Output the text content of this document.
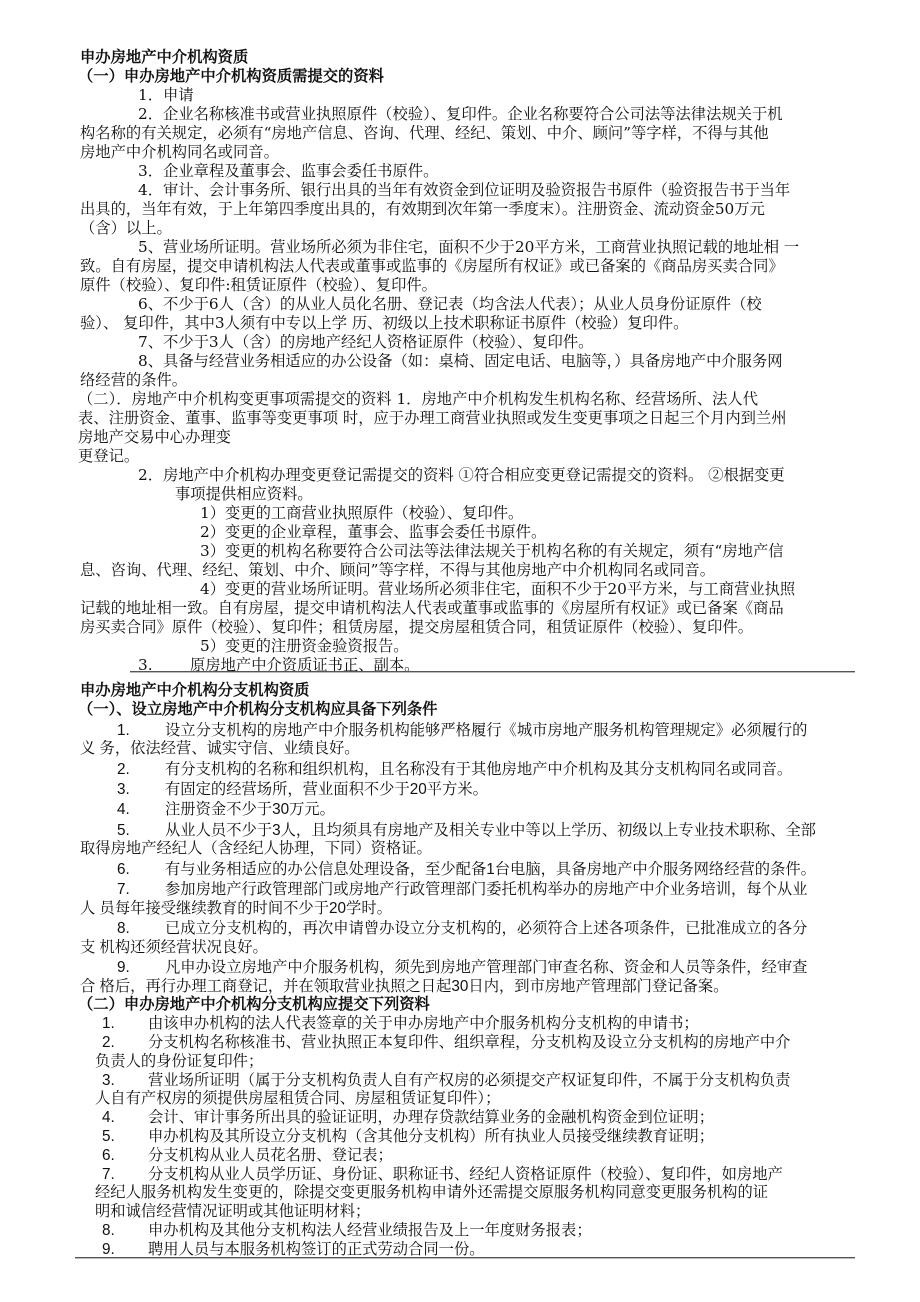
申办房地产中介机构资质
（一）申办房地产中介机构资质需提交的资料
1．申请
2．企业名称核准书或营业执照原件（校验）、复印件。企业名称要符合公司法等法律法规关于机
构名称的有关规定，必须有“房地产信息、咨询、代理、经纪、策划、中介、顾问”等字样，不得与其他
房地产中介机构同名或同音。
3．企业章程及董事会、监事会委任书原件。
4．审计、会计事务所、银行出具的当年有效资金到位证明及验资报告书原件（验资报告书于当年
出具的，当年有效，于上年第四季度出具的，有效期到次年第一季度末）。注册资金、流动资金50万元
（含）以上。
5、营业场所证明。营业场所必须为非住宅，面积不少于20平方米，工商营业执照记载的地址相 一
致。自有房屋，提交申请机构法人代表或董事或监事的《房屋所有权证》或已备案的《商品房买卖合同》
原件（校验）、复印件:租赁证原件（校验）、复印件。
6、不少于6人（含）的从业人员化名册、登记表（均含法人代表）；从业人员身份证原件（校
验）、 复印件，其中3人须有中专以上学 历、初级以上技术职称证书原件（校验）复印件。
7、不少于3人（含）的房地产经纪人资格证原件（校验）、复印件。
8、具备与经营业务相适应的办公设备（如：桌椅、固定电话、电脑等，）具备房地产中介服务网
络经营的条件。
（二）．房地产中介机构变更事项需提交的资料 1．房地产中介机构发生机构名称、经营场所、法人代
表、注册资金、董事、监事等变更事项 时，应于办理工商营业执照或发生变更事项之日起三个月内到兰州
房地产交易中心办理变
更登记。
2．房地产中介机构办理变更登记需提交的资料 ①符合相应变更登记需提交的资料。 ②根据变更
事项提供相应资料。
1）变更的工商营业执照原件（校验）、复印件。
2）变更的企业章程，董事会、监事会委任书原件。
3）变更的机构名称要符合公司法等法律法规关于机构名称的有关规定，须有“房地产信
息、咨询、代理、经纪、策划、中介、顾问”等字样，不得与其他房地产中介机构同名或同音。
4）变更的营业场所证明。营业场所必须非住宅，面积不少于20平方米，与工商营业执照
记载的地址相一致。自有房屋，提交申请机构法人代表或董事或监事的《房屋所有权证》或已备案《商品
房买卖合同》原件（校验）、复印件；租赁房屋，提交房屋租赁合同，租赁证原件（校验）、复印件。
5）变更的注册资金验资报告。
3. 原房地产中介资质证书正、副本。
申办房地产中介机构分支机构资质
（一）、设立房地产中介机构分支机构应具备下列条件
1. 设立分支机构的房地产中介服务机构能够严格履行《城市房地产服务机构管理规定》必须履行的
义 务，依法经营、诚实守信、业绩良好。
2. 有分支机构的名称和组织机构，且名称没有于其他房地产中介机构及其分支机构同名或同音。
3. 有固定的经营场所，营业面积不少于20平方米。
4. 注册资金不少于30万元。
5. 从业人员不少于3人，且均须具有房地产及相关专业中等以上学历、初级以上专业技术职称、全部
取得房地产经纪人（含经纪人协理，下同）资格证。
6. 有与业务相适应的办公信息处理设备，至少配备1台电脑，具备房地产中介服务网络经营的条件。
7. 参加房地产行政管理部门或房地产行政管理部门委托机构举办的房地产中介业务培训，每个从业
人 员每年接受继续教育的时间不少于20学时。
8. 已成立分支机构的，再次申请曾办设立分支机构的，必须符合上述各项条件，已批准成立的各分
支 机构还须经营状况良好。
9. 凡申办设立房地产中介服务机构，须先到房地产管理部门审查名称、资金和人员等条件，经审查
合 格后，再行办理工商登记，并在领取营业执照之日起30日内，到市房地产管理部门登记备案。
（二）申办房地产中介机构分支机构应提交下列资料
1. 由该申办机构的法人代表签章的关于申办房地产中介服务机构分支机构的申请书；
2. 分支机构名称核准书、营业执照正本复印件、组织章程，分支机构及设立分支机构的房地产中介
负责人的身份证复印件；
3. 营业场所证明（属于分支机构负责人自有产权房的必须提交产权证复印件，不属于分支机构负责
人自有产权房的须提供房屋租赁合同、房屋租赁证复印件）；
4. 会计、审计事务所出具的验证证明，办理存贷款结算业务的金融机构资金到位证明；
5. 申办机构及其所设立分支机构（含其他分支机构）所有执业人员接受继续教育证明；
6. 分支机构从业人员花名册、登记表；
7. 分支机构从业人员学历证、身份证、职称证书、经纪人资格证原件（校验）、复印件，如房地产
经纪人服务机构发生变更的，除提交变更服务机构申请外还需提交原服务机构同意变更服务机构的证
明和诚信经营情况证明或其他证明材料；
8. 申办机构及其他分支机构法人经营业绩报告及上一年度财务报表；
9. 聘用人员与本服务机构签订的正式劳动合同一份。
